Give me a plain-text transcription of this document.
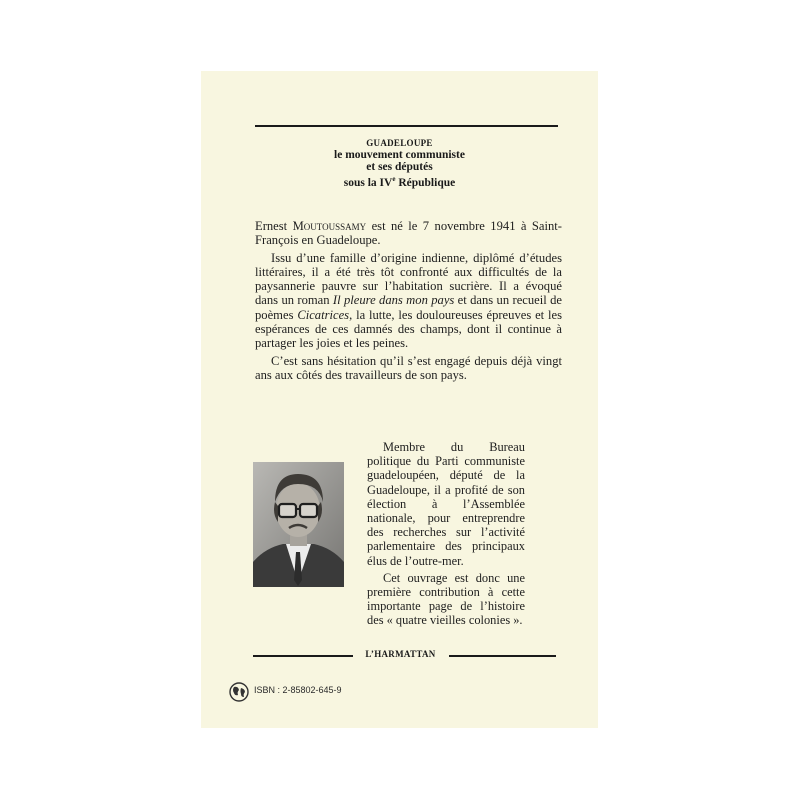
GUADELOUPE
le mouvement communiste
et ses députés
sous la IVe République

Ernest Moutoussamy est né le 7 novembre 1941 à Saint-François en Guadeloupe.

Issu d’une famille d’origine indienne, diplômé d’études littéraires, il a été très tôt confronté aux difficultés de la paysannerie pauvre sur l’habitation sucrière. Il a évoqué dans un roman Il pleure dans mon pays et dans un recueil de poèmes Cicatrices, la lutte, les douloureuses épreuves et les espérances de ces damnés des champs, dont il continue à partager les joies et les peines.

C’est sans hésitation qu’il s’est engagé depuis déjà vingt ans aux côtés des travailleurs de son pays.

Membre du Bureau politique du Parti communiste guadeloupéen, député de la Guadeloupe, il a profité de son élection à l’Assemblée nationale, pour entreprendre des recherches sur l’activité parlementaire des principaux élus de l’outre-mer.

Cet ouvrage est donc une première contribution à cette importante page de l’histoire des « quatre vieilles colonies ».

L’HARMATTAN
ISBN : 2-85802-645-9
